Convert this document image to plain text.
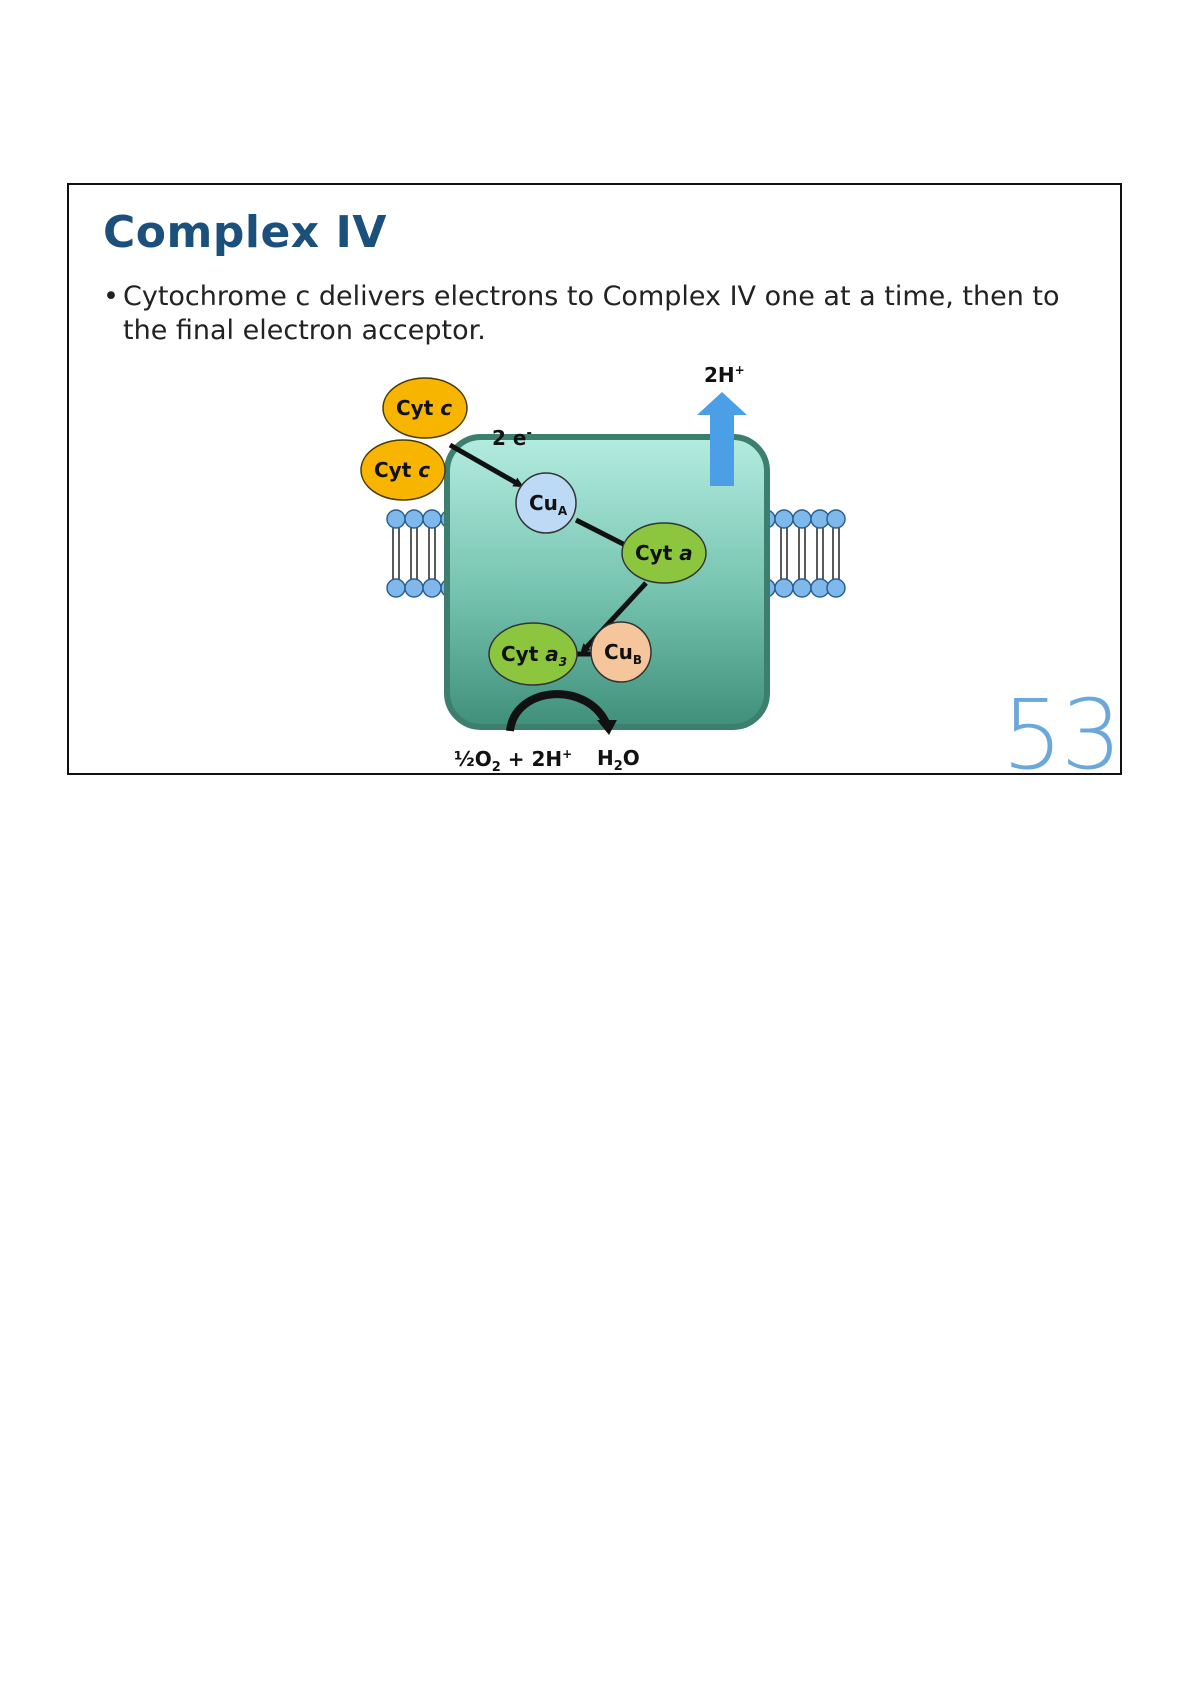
Complex IV
• Cytochrome c delivers electrons to Complex IV one at a time, then to the final electron acceptor.
2H+
Cyt c
Cyt c
2 e-
$Cu_A$
Cyt a
Cyt $a_3$ $Cu_B$
$\frac{1}{2}O_2 + 2H^+$ $H_2O$	53
